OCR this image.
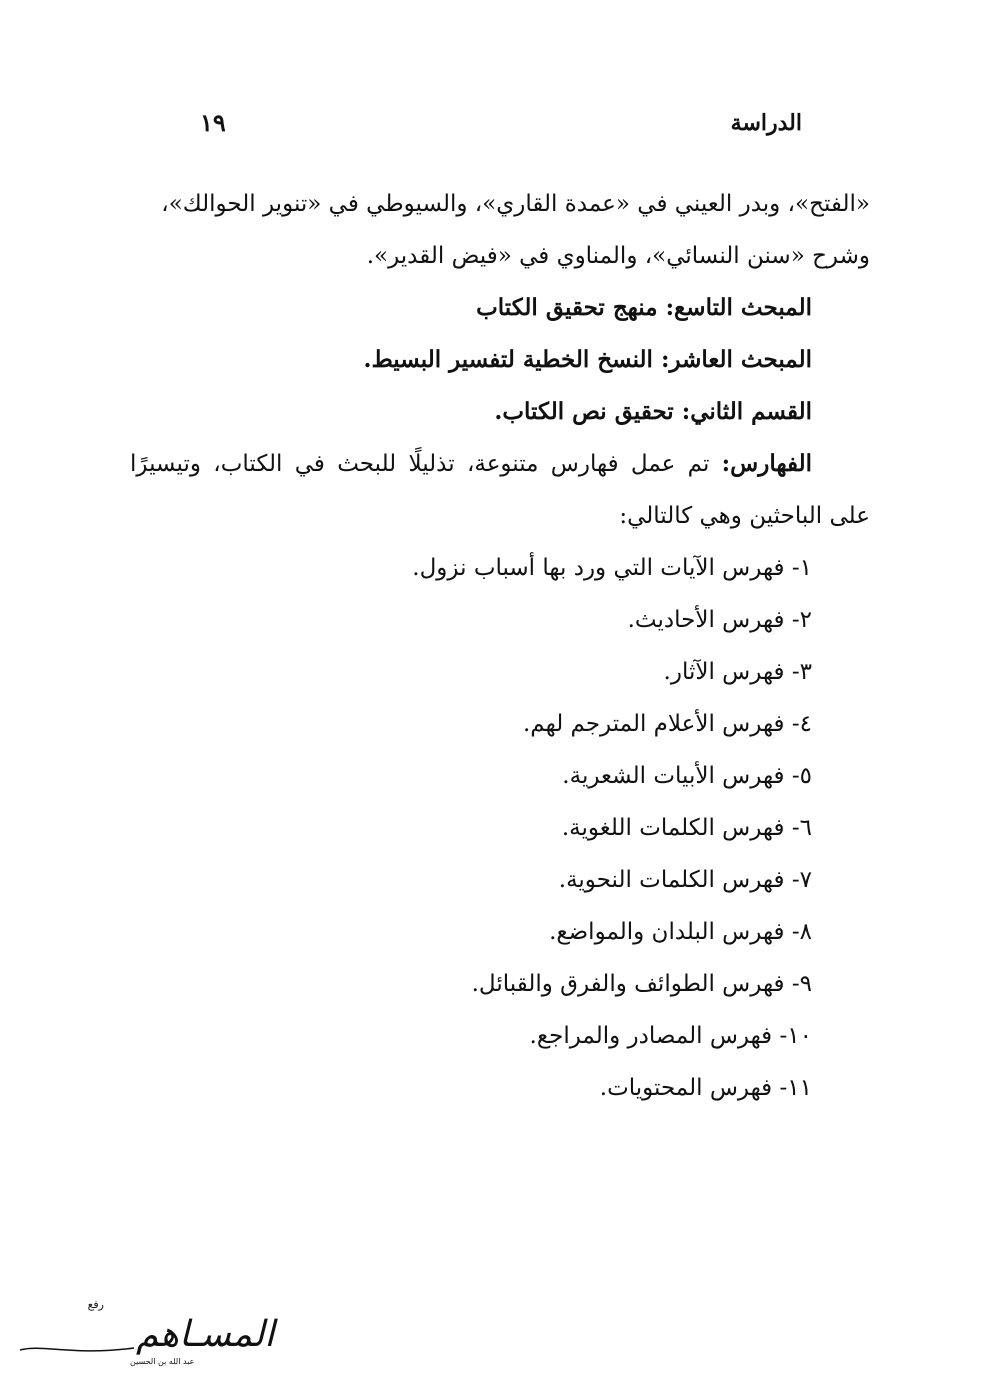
الدراسة
١٩

«الفتح»، وبدر العيني في «عمدة القاري»، والسيوطي في «تنوير الحوالك»،
وشرح «سنن النسائي»، والمناوي في «فيض القدير».

المبحث التاسع: منهج تحقيق الكتاب

المبحث العاشر: النسخ الخطية لتفسير البسيط.

القسم الثاني: تحقيق نص الكتاب.

الفهارس: تم عمل فهارس متنوعة، تذليلًا للبحث في الكتاب، وتيسيرًا على الباحثين وهي كالتالي:

١- فهرس الآيات التي ورد بها أسباب نزول.
٢- فهرس الأحاديث.
٣- فهرس الآثار.
٤- فهرس الأعلام المترجم لهم.
٥- فهرس الأبيات الشعرية.
٦- فهرس الكلمات اللغوية.
٧- فهرس الكلمات النحوية.
٨- فهرس البلدان والمواضع.
٩- فهرس الطوائف والفرق والقبائل.
١٠- فهرس المصادر والمراجع.
١١- فهرس المحتويات.
رفع
المسـاهم
عبد الله بن الحسين
